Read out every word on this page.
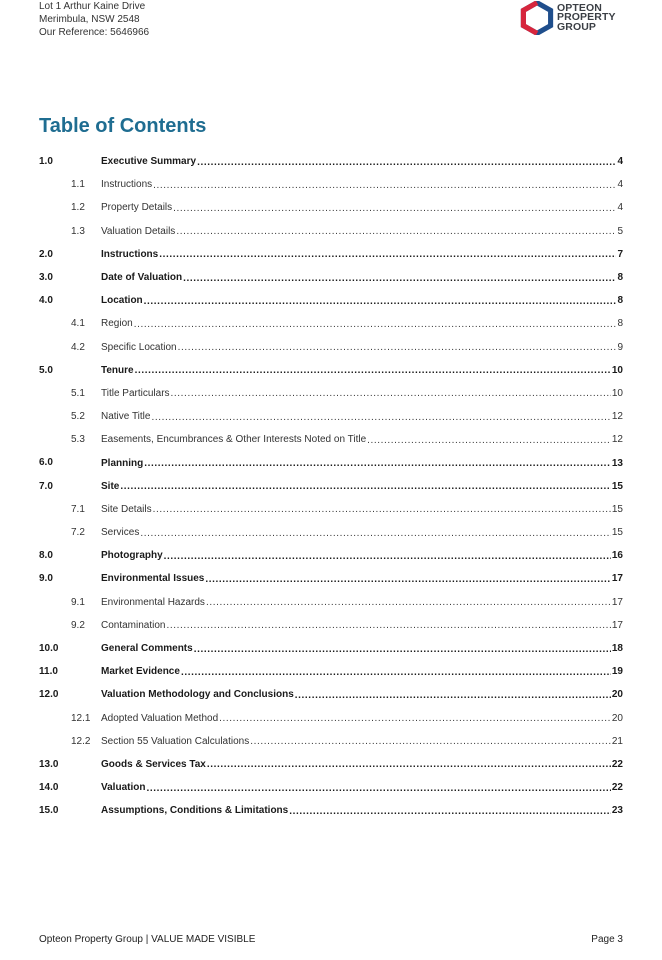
Lot 1 Arthur Kaine Drive
Merimbula, NSW 2548
Our Reference: 5646966
OPTEON
PROPERTY
GROUP
Table of Contents
1.0	Executive Summary .....	4
1.1 Instructions .....	4
1.2 Property Details .....	4
1.3 Valuation Details .....	5
2.0	Instructions .....	7
3.0	Date of Valuation .....	8
4.0	Location .....	8
4.1 Region .....	8
4.2 Specific Location .....	9
5.0	Tenure .....	10
5.1 Title Particulars .....	10
5.2 Native Title .....	12
5.3 Easements, Encumbrances & Other Interests Noted on Title .....	12
6.0	Planning .....	13
7.0	Site .....	15
7.1 Site Details .....	15
7.2 Services .....	15
8.0	Photography .....	16
9.0	Environmental Issues .....	17
9.1 Environmental Hazards .....	17
9.2 Contamination .....	17
10.0	General Comments .....	18
11.0	Market Evidence .....	19
12.0	Valuation Methodology and Conclusions .....	20
12.1 Adopted Valuation Method .....	20
12.2 Section 55 Valuation Calculations .....	21
13.0	Goods & Services Tax .....	22
14.0	Valuation .....	22
15.0	Assumptions, Conditions & Limitations .....	23
Opteon Property Group | VALUE MADE VISIBLE	Page 3
